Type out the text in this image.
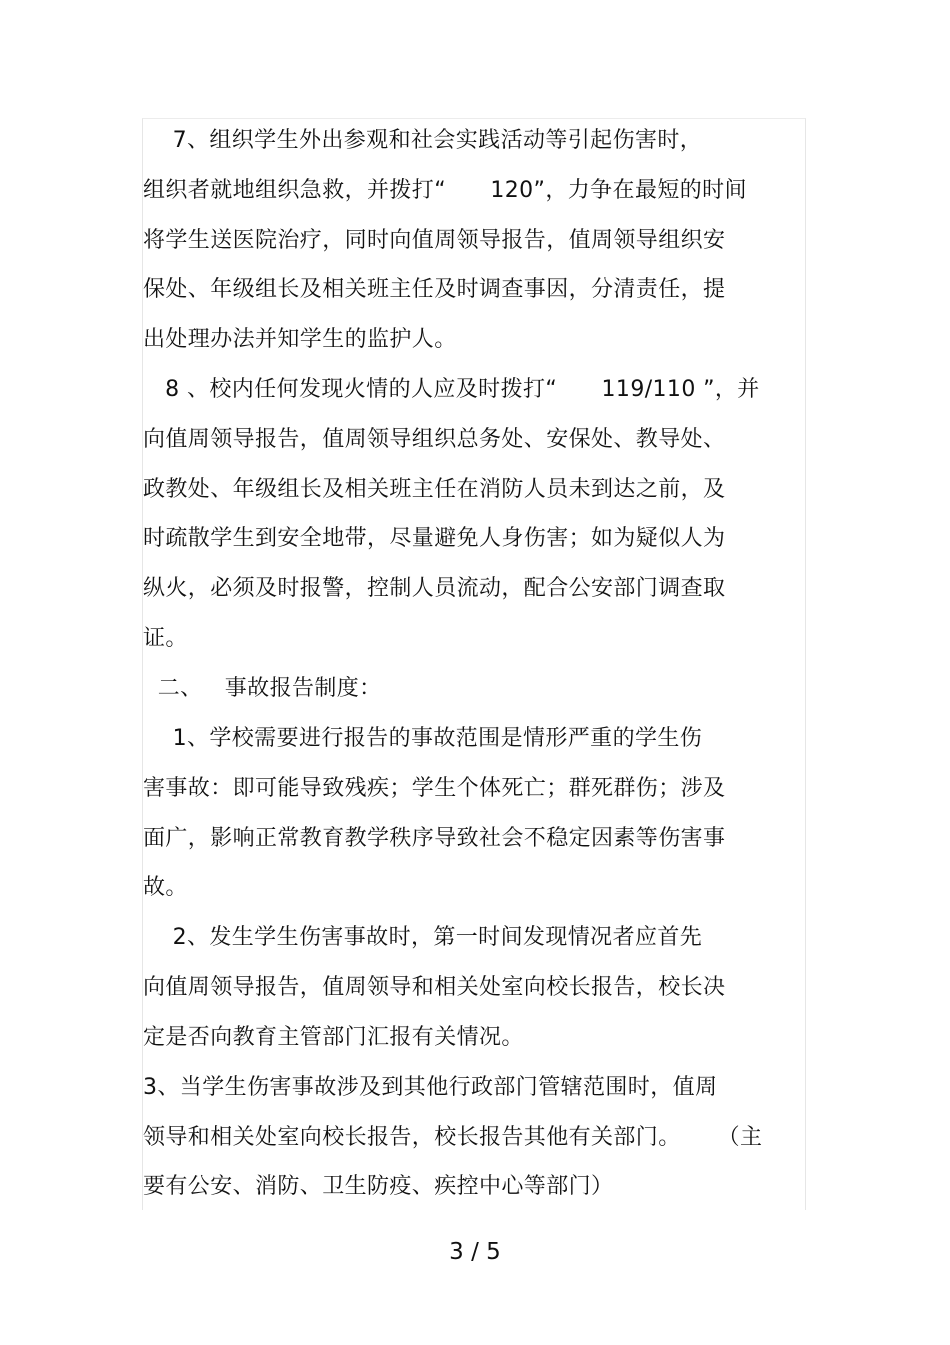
7、组织学生外出参观和社会实践活动等引起伤害时，
组织者就地组织急救，并拨打“      120”，力争在最短的时间
将学生送医院治疗，同时向值周领导报告，值周领导组织安
保处、年级组长及相关班主任及时调查事因，分清责任，提
出处理办法并知学生的监护人。
8 、校内任何发现火情的人应及时拨打“      119/110 ”，并
向值周领导报告，值周领导组织总务处、安保处、教导处、
政教处、年级组长及相关班主任在消防人员未到达之前，及
时疏散学生到安全地带，尽量避免人身伤害；如为疑似人为
纵火，必须及时报警，控制人员流动，配合公安部门调查取
证。
二、   事故报告制度：
1、学校需要进行报告的事故范围是情形严重的学生伤
害事故：即可能导致残疾；学生个体死亡；群死群伤；涉及
面广，影响正常教育教学秩序导致社会不稳定因素等伤害事
故。
2、发生学生伤害事故时，第一时间发现情况者应首先
向值周领导报告，值周领导和相关处室向校长报告，校长决
定是否向教育主管部门汇报有关情况。
3、当学生伤害事故涉及到其他行政部门管辖范围时，值周
领导和相关处室向校长报告，校长报告其他有关部门。     （主
要有公安、消防、卫生防疫、疾控中心等部门）
3 / 5
